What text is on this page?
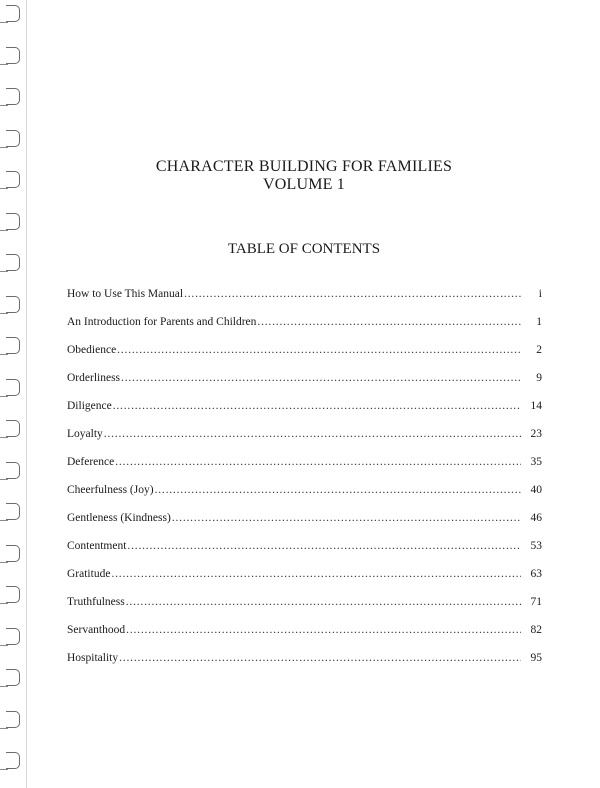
CHARACTER BUILDING FOR FAMILIES
VOLUME 1
TABLE OF CONTENTS
How to Use This Manual .....	i
An Introduction for Parents and Children .....	1
Obedience .....	2
Orderliness .....	9
Diligence .....	14
Loyalty .....	23
Deference .....	35
Cheerfulness (Joy) .....	40
Gentleness (Kindness) .....	46
Contentment .....	53
Gratitude .....	63
Truthfulness .....	71
Servanthood .....	82
Hospitality .....	95
